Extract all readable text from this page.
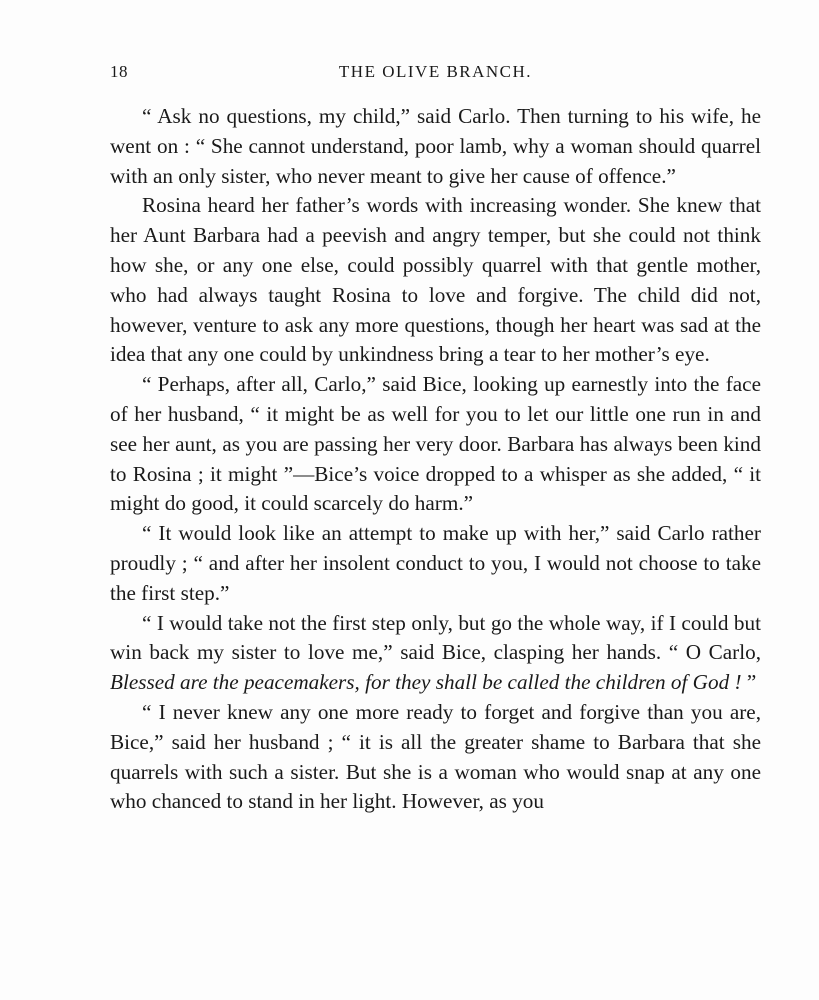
18	THE OLIVE BRANCH.

“ Ask no questions, my child,” said Carlo. Then turning to his wife, he went on : “ She cannot understand, poor lamb, why a woman should quarrel with an only sister, who never meant to give her cause of offence.”

Rosina heard her father’s words with increasing wonder. She knew that her Aunt Barbara had a peevish and angry temper, but she could not think how she, or any one else, could possibly quarrel with that gentle mother, who had always taught Rosina to love and forgive. The child did not, however, venture to ask any more questions, though her heart was sad at the idea that any one could by unkindness bring a tear to her mother’s eye.

“ Perhaps, after all, Carlo,” said Bice, looking up earnestly into the face of her husband, “ it might be as well for you to let our little one run in and see her aunt, as you are passing her very door. Barbara has always been kind to Rosina ; it might ”—Bice’s voice dropped to a whisper as she added, “ it might do good, it could scarcely do harm.”

“ It would look like an attempt to make up with her,” said Carlo rather proudly ; “ and after her insolent conduct to you, I would not choose to take the first step.”

“ I would take not the first step only, but go the whole way, if I could but win back my sister to love me,” said Bice, clasping her hands. “ O Carlo, Blessed are the peacemakers, for they shall be called the children of God ! ”

“ I never knew any one more ready to forget and forgive than you are, Bice,” said her husband ; “ it is all the greater shame to Barbara that she quarrels with such a sister. But she is a woman who would snap at any one who chanced to stand in her light. However, as you
